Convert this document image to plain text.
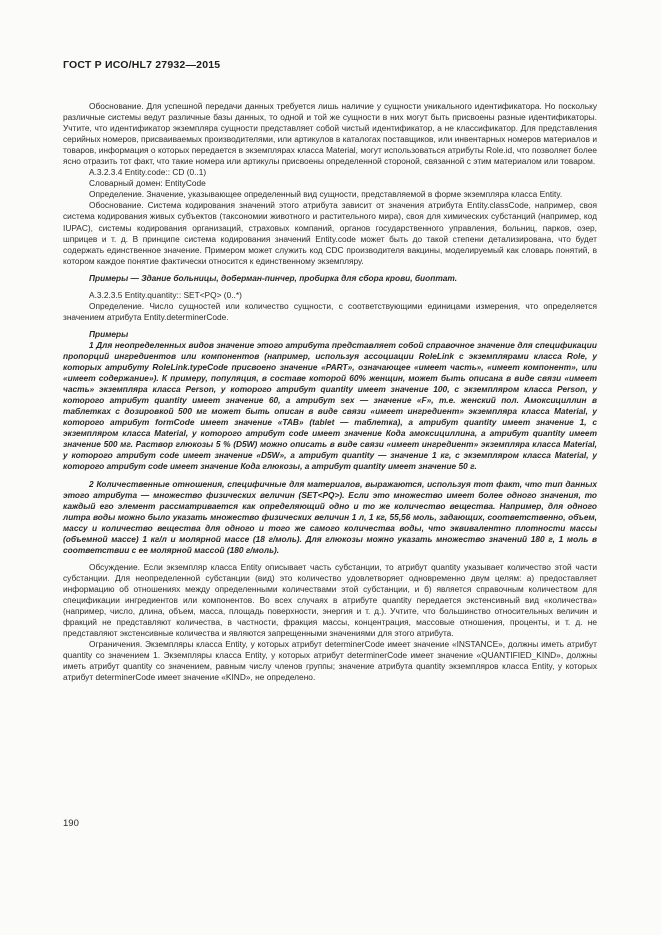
ГОСТ Р ИСО/HL7 27932—2015

Обоснование. Для успешной передачи данных требуется лишь наличие у сущности уникального идентификатора. Но поскольку различные системы ведут различные базы данных, то одной и той же сущности в них могут быть присвоены разные идентификаторы. Учтите, что идентификатор экземпляра сущности представляет собой чистый идентификатор, а не классификатор. Для представления серийных номеров, присваиваемых производителями, или артикулов в каталогах поставщиков, или инвентарных номеров материалов и товаров, информация о которых передается в экземплярах класса Material, могут использоваться атрибуты Role.id, что позволяет более ясно отразить тот факт, что такие номера или артикулы присвоены определенной стороной, связанной с этим материалом или товаром.

A.3.2.3.4 Entity.code:: CD (0..1)

Словарный домен: EntityCode

Определение. Значение, указывающее определенный вид сущности, представляемой в форме экземпляра класса Entity.

Обоснование. Система кодирования значений этого атрибута зависит от значения атрибута Entity.classCode, например, своя система кодирования живых субъектов (таксономии животного и растительного мира), своя для химических субстанций (например, код IUPAC), системы кодирования организаций, страховых компаний, органов государственного управления, больниц, парков, озер, шприцев и т. д. В принципе система кодирования значений Entity.code может быть до такой степени детализирована, что будет содержать единственное значение. Примером может служить код CDC производителя вакцины, моделируемый как словарь понятий, в котором каждое понятие фактически относится к единственному экземпляру.

Примеры — Здание больницы, доберман-пинчер, пробирка для сбора крови, биоптат.

A.3.2.3.5 Entity.quantity:: SET<PQ> (0..*)

Определение. Число сущностей или количество сущности, с соответствующими единицами измерения, что определяется значением атрибута Entity.determinerCode.

Примеры

1 Для неопределенных видов значение этого атрибута представляет собой справочное значение для спецификации пропорций ингредиентов или компонентов (например, используя ассоциации RoleLink с экземплярами класса Role, у которых атрибуту RoleLink.typeCode присвоено значение «PART», означающее «имеет часть», «имеет компонент», или «имеет содержание»). К примеру, популяция, в составе которой 60% женщин, может быть описана в виде связи «имеет часть» экземпляра класса Person, у которого атрибут quantity имеет значение 100, с экземпляром класса Person, у которого атрибут quantity имеет значение 60, а атрибут sex — значение «F», т.е. женский пол. Амоксициллин в таблетках с дозировкой 500 мг может быть описан в виде связи «имеет ингредиент» экземпляра класса Material, у которого атрибут formCode имеет значение «TAB» (tablet — таблетка), а атрибут quantity имеет значение 1, с экземпляром класса Material, у которого атрибут code имеет значение Кода амоксициллина, а атрибут quantity имеет значение 500 мг. Раствор глюкозы 5 % (D5W) можно описать в виде связи «имеет ингредиент» экземпляра класса Material, у которого атрибут code имеет значение «D5W», а атрибут quantity — значение 1 кг, с экземпляром класса Material, у которого атрибут code имеет значение Кода глюкозы, а атрибут quantity имеет значение 50 г.

2 Количественные отношения, специфичные для материалов, выражаются, используя тот факт, что тип данных этого атрибута — множество физических величин (SET<PQ>). Если это множество имеет более одного значения, то каждый его элемент рассматривается как определяющий одно и то же количество вещества. Например, для одного литра воды можно было указать множество физических величин 1 л, 1 кг, 55,56 моль, задающих, соответственно, объем, массу и количество вещества для одного и того же самого количества воды, что эквивалентно плотности массы (объемной массе) 1 кг/л и молярной массе (18 г/моль). Для глюкозы можно указать множество значений 180 г, 1 моль в соответствии с ее молярной массой (180 г/моль).

Обсуждение. Если экземпляр класса Entity описывает часть субстанции, то атрибут quantity указывает количество этой части субстанции. Для неопределенной субстанции (вид) это количество удовлетворяет одновременно двум целям: а) предоставляет информацию об отношениях между определенными количествами этой субстанции, и б) является справочным количеством для спецификации ингредиентов или компонентов. Во всех случаях в атрибуте quantity передается экстенсивный вид «количества» (например, число, длина, объем, масса, площадь поверхности, энергия и т. д.). Учтите, что большинство относительных величин и фракций не представляют количества, в частности, фракция массы, концентрация, массовые отношения, проценты, и т. д. не представляют экстенсивные количества и являются запрещенными значениями для этого атрибута.

Ограничения. Экземпляры класса Entity, у которых атрибут determinerCode имеет значение «INSTANCE», должны иметь атрибут quantity со значением 1. Экземпляры класса Entity, у которых атрибут determinerCode имеет значение «QUANTIFIED_KIND», должны иметь атрибут quantity со значением, равным числу членов группы; значение атрибута quantity экземпляров класса Entity, у которых атрибут determinerCode имеет значение «KIND», не определено.

190
